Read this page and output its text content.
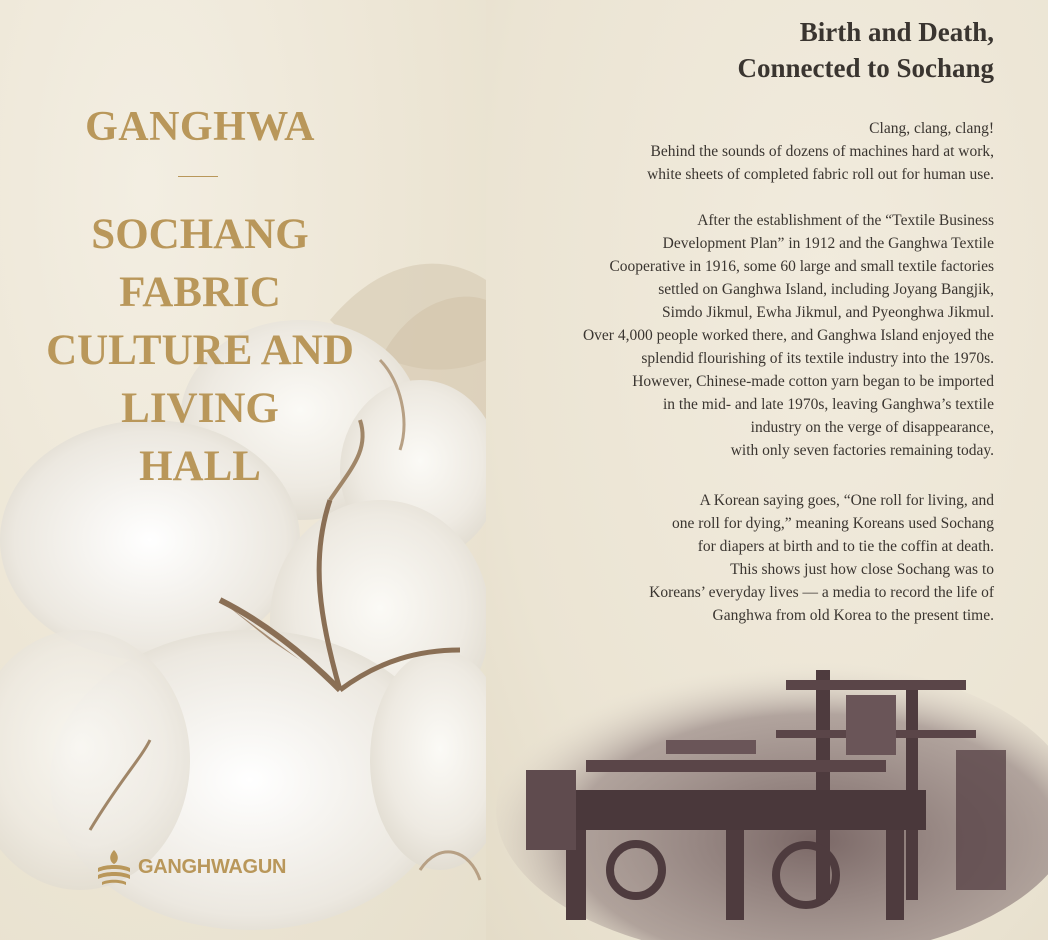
GANGHWA
SOCHANG
FABRIC
CULTURE AND
LIVING
HALL
GANGHWAGUN
Birth and Death,
Connected to Sochang
Clang, clang, clang!
Behind the sounds of dozens of machines hard at work,
white sheets of completed fabric roll out for human use.
After the establishment of the “Textile Business
Development Plan” in 1912 and the Ganghwa Textile
Cooperative in 1916, some 60 large and small textile factories
settled on Ganghwa Island, including Joyang Bangjik,
Simdo Jikmul, Ewha Jikmul, and Pyeonghwa Jikmul.
Over 4,000 people worked there, and Ganghwa Island enjoyed the
splendid flourishing of its textile industry into the 1970s.
However, Chinese-made cotton yarn began to be imported
in the mid- and late 1970s, leaving Ganghwa’s textile
industry on the verge of disappearance,
with only seven factories remaining today.
A Korean saying goes, “One roll for living, and
one roll for dying,” meaning Koreans used Sochang
for diapers at birth and to tie the coffin at death.
This shows just how close Sochang was to
Koreans’ everyday lives — a media to record the life of
Ganghwa from old Korea to the present time.
